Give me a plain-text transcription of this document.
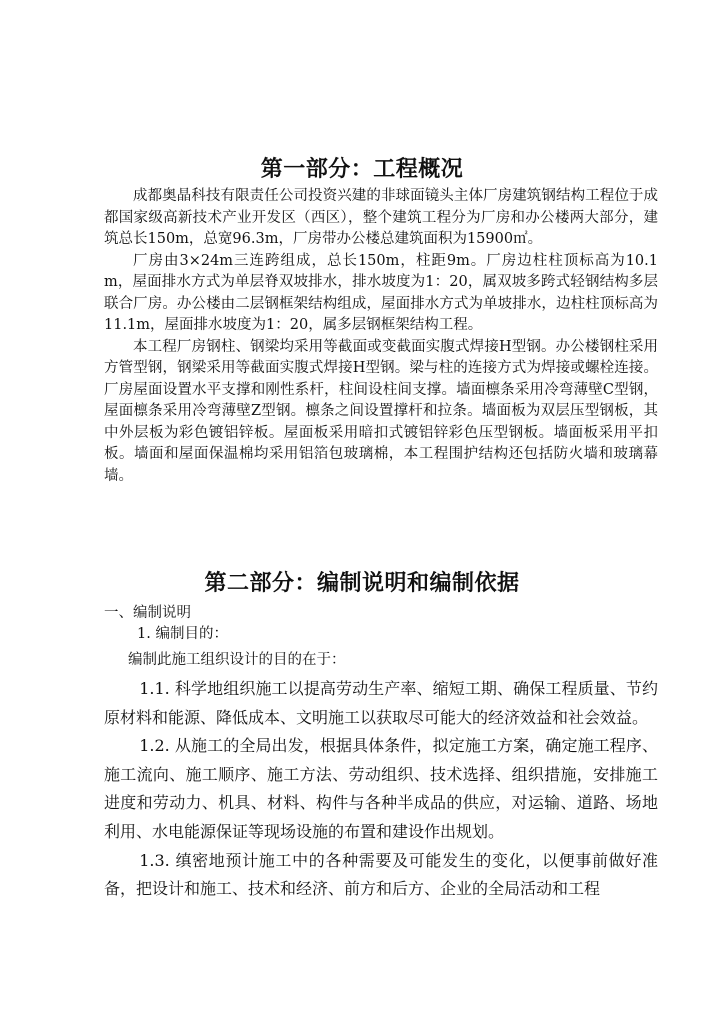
第一部分：工程概况

成都奥晶科技有限责任公司投资兴建的非球面镜头主体厂房建筑钢结构工程位于成都国家级高新技术产业开发区（西区），整个建筑工程分为厂房和办公楼两大部分，建筑总长150m，总宽96.3m，厂房带办公楼总建筑面积为15900㎡。

厂房由3×24m三连跨组成，总长150m，柱距9m。厂房边柱柱顶标高为10.1m，屋面排水方式为单层脊双坡排水，排水坡度为1：20，属双坡多跨式轻钢结构多层联合厂房。办公楼由二层钢框架结构组成，屋面排水方式为单坡排水，边柱柱顶标高为11.1m，屋面排水坡度为1：20，属多层钢框架结构工程。

本工程厂房钢柱、钢梁均采用等截面或变截面实腹式焊接H型钢。办公楼钢柱采用方管型钢，钢梁采用等截面实腹式焊接H型钢。梁与柱的连接方式为焊接或螺栓连接。厂房屋面设置水平支撑和刚性系杆，柱间设柱间支撑。墙面檩条采用冷弯薄壁C型钢，屋面檩条采用冷弯薄壁Z型钢。檩条之间设置撑杆和拉条。墙面板为双层压型钢板，其中外层板为彩色镀铝锌板。屋面板采用暗扣式镀铝锌彩色压型钢板。墙面板采用平扣板。墙面和屋面保温棉均采用铝箔包玻璃棉，本工程围护结构还包括防火墙和玻璃幕墙。

第二部分：编制说明和编制依据

一、编制说明

1. 编制目的：

编制此施工组织设计的目的在于：

1.1. 科学地组织施工以提高劳动生产率、缩短工期、确保工程质量、节约原材料和能源、降低成本、文明施工以获取尽可能大的经济效益和社会效益。

1.2. 从施工的全局出发，根据具体条件，拟定施工方案，确定施工程序、施工流向、施工顺序、施工方法、劳动组织、技术选择、组织措施，安排施工进度和劳动力、机具、材料、构件与各种半成品的供应，对运输、道路、场地利用、水电能源保证等现场设施的布置和建设作出规划。

1.3. 缜密地预计施工中的各种需要及可能发生的变化，以便事前做好准备，把设计和施工、技术和经济、前方和后方、企业的全局活动和工程
